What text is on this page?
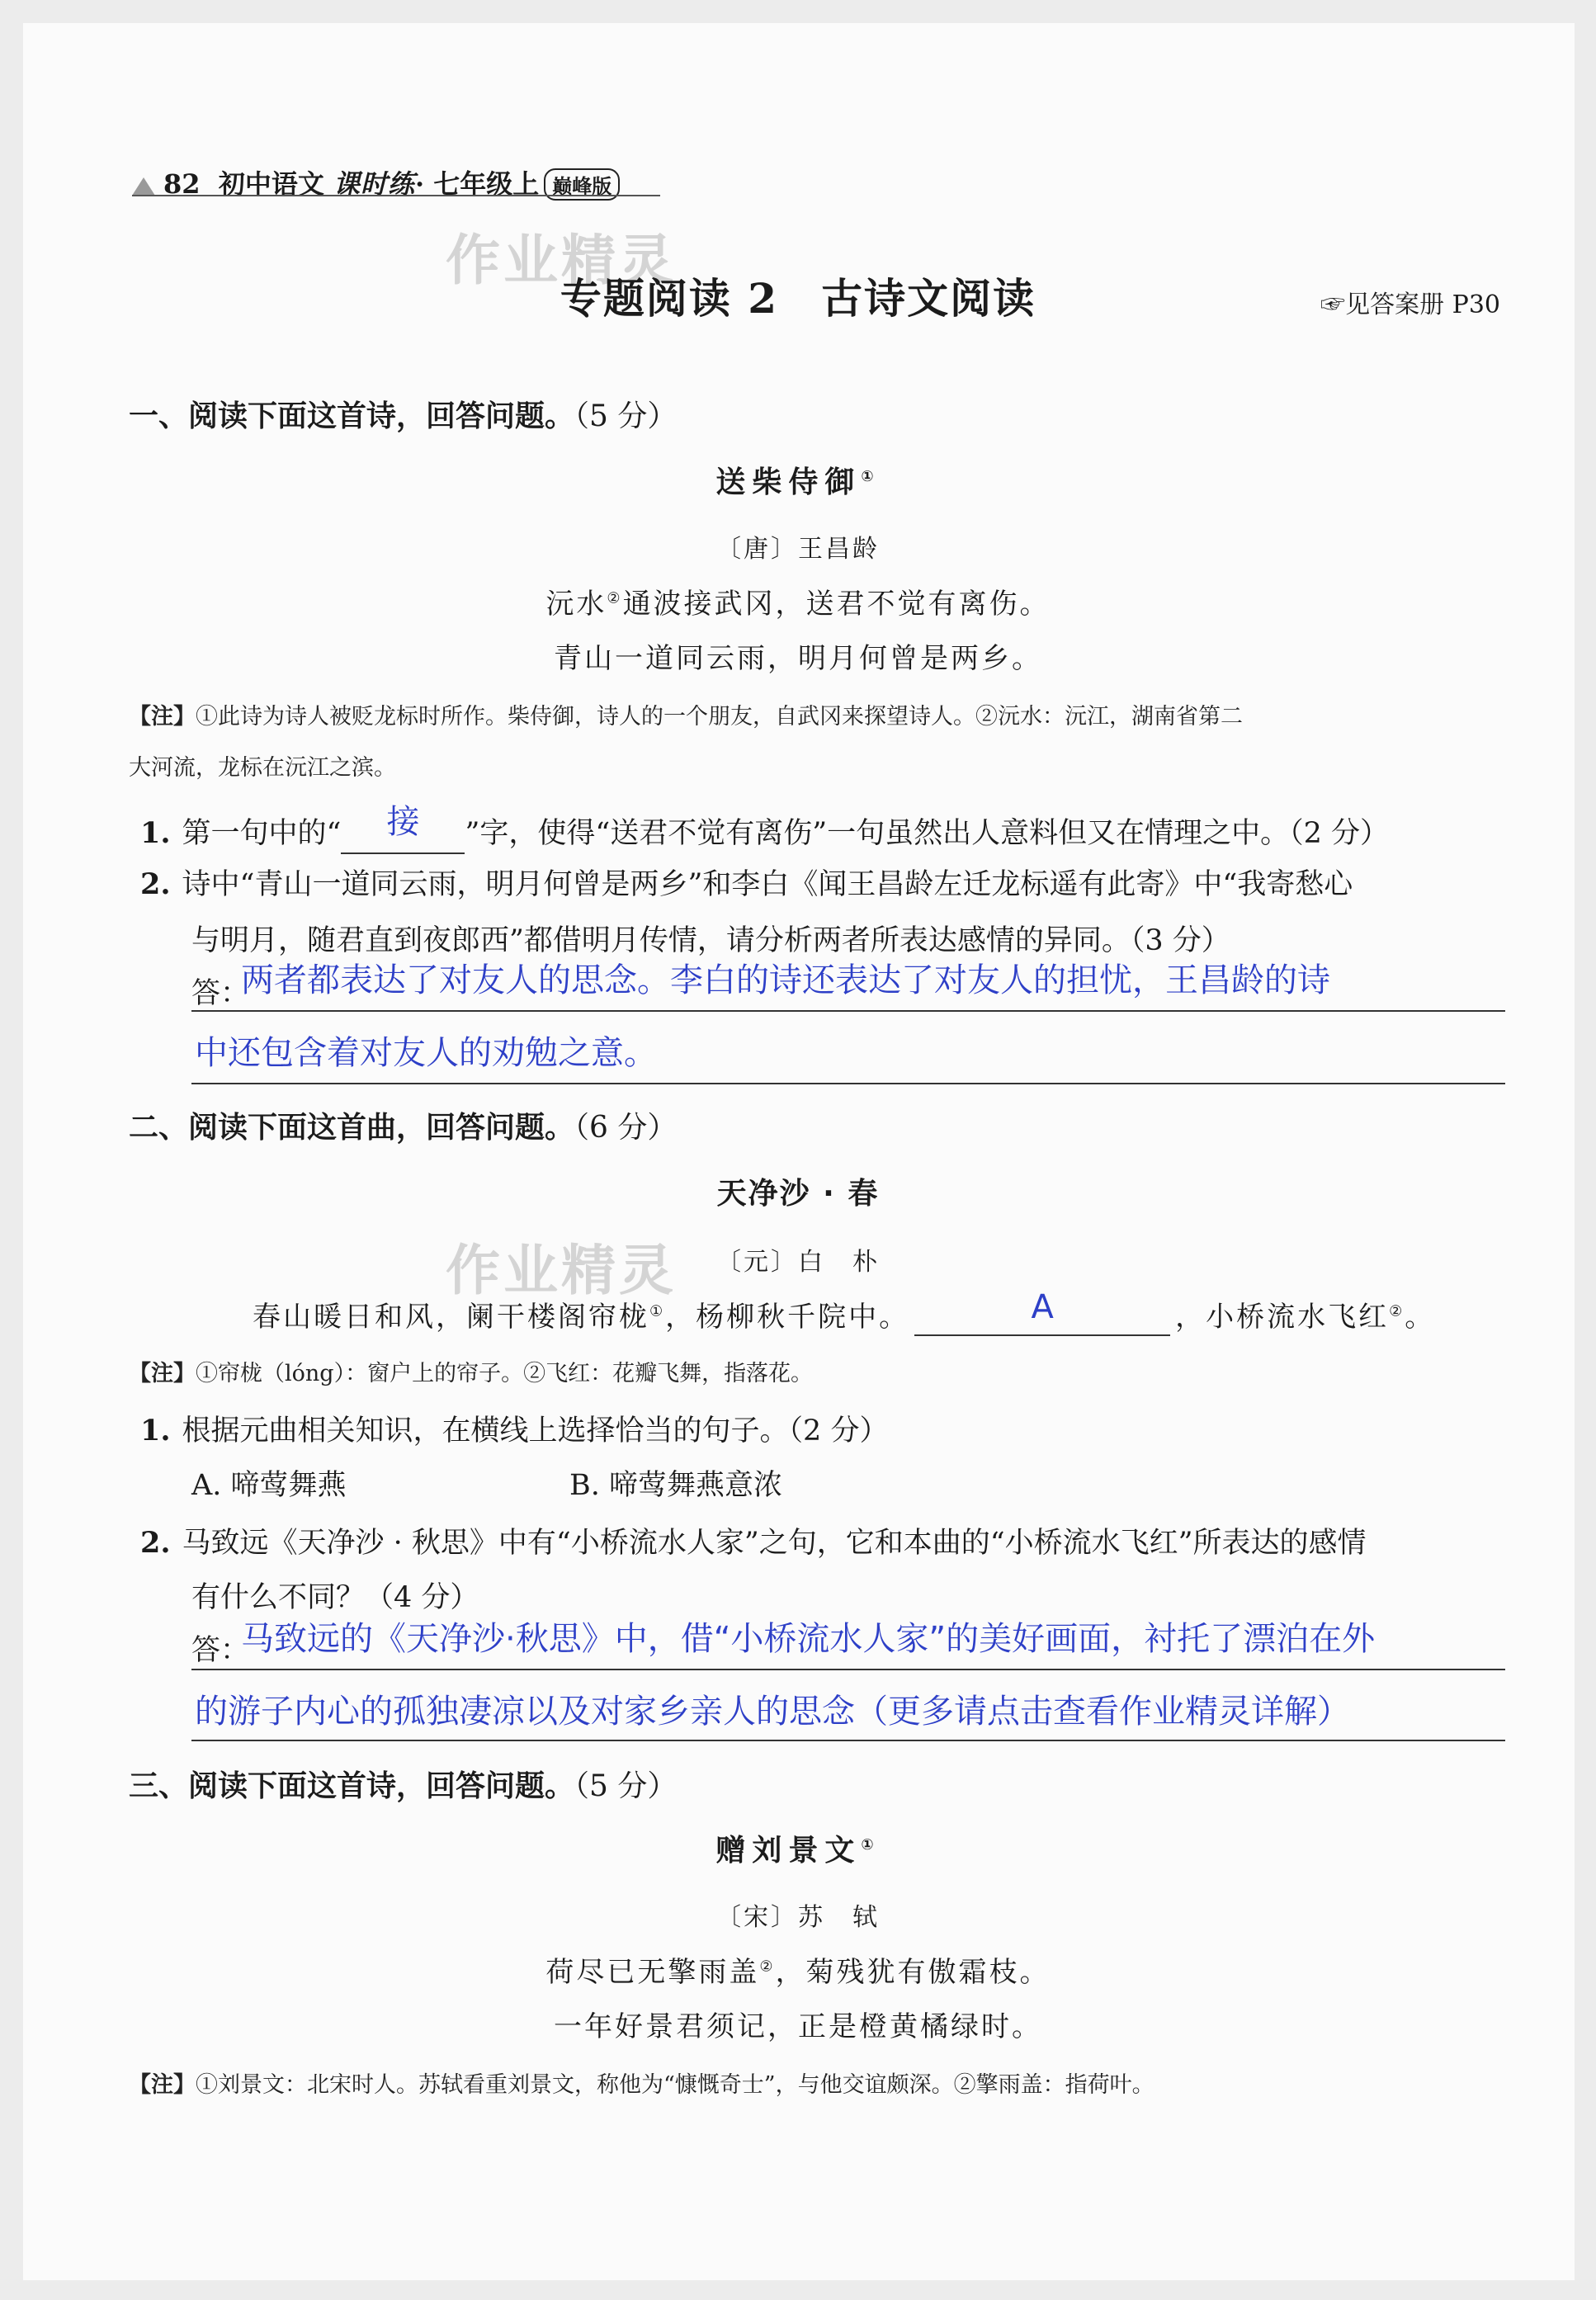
82 初中语文 课时练· 七年级上 巅峰版
作业精灵
专题阅读 2　古诗文阅读	☞见答案册 P30
一、阅读下面这首诗，回答问题。（5 分）
送柴侍御①
〔唐〕王昌龄
沅水②通波接武冈，送君不觉有离伤。
青山一道同云雨，明月何曾是两乡。
【注】①此诗为诗人被贬龙标时所作。柴侍御，诗人的一个朋友，自武冈来探望诗人。②沅水：沅江，湖南省第二
大河流，龙标在沅江之滨。
1. 第一句中的“ 接 ”字，使得“送君不觉有离伤”一句虽然出人意料但又在情理之中。（2 分）
2. 诗中“青山一道同云雨，明月何曾是两乡”和李白《闻王昌龄左迁龙标遥有此寄》中“我寄愁心
与明月，随君直到夜郎西”都借明月传情，请分析两者所表达感情的异同。（3 分）
答：
两者都表达了对友人的思念。李白的诗还表达了对友人的担忧，王昌龄的诗
中还包含着对友人的劝勉之意。
二、阅读下面这首曲，回答问题。（6 分）
天净沙 · 春
作业精灵	〔元〕白　朴
春山暖日和风，阑干楼阁帘栊①，杨柳秋千院中。	A	，小桥流水飞红②。
【注】①帘栊（lóng）：窗户上的帘子。②飞红：花瓣飞舞，指落花。
1. 根据元曲相关知识，在横线上选择恰当的句子。（2 分）
A. 啼莺舞燕	B. 啼莺舞燕意浓
2. 马致远《天净沙 · 秋思》中有“小桥流水人家”之句，它和本曲的“小桥流水飞红”所表达的感情
有什么不同？（4 分）
答：
马致远的《天净沙·秋思》中，借“小桥流水人家”的美好画面，衬托了漂泊在外
的游子内心的孤独凄凉以及对家乡亲人的思念（更多请点击查看作业精灵详解）
三、阅读下面这首诗，回答问题。（5 分）
赠刘景文①
〔宋〕苏　轼
荷尽已无擎雨盖②，菊残犹有傲霜枝。
一年好景君须记，正是橙黄橘绿时。
【注】①刘景文：北宋时人。苏轼看重刘景文，称他为“慷慨奇士”，与他交谊颇深。②擎雨盖：指荷叶。
